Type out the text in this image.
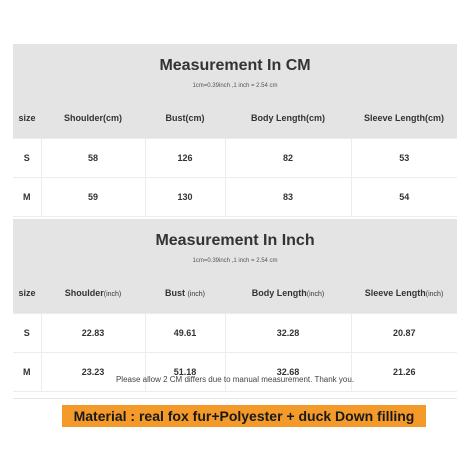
Measurement In CM
1cm=0.39inch ,1 inch = 2.54 cm				

size	Shoulder(cm)	Bust(cm)	Body Length(cm)	Sleeve Length(cm)
S	58	126	82	53
M	59	130	83	54
Measurement In Inch
1cm=0.39inch ,1 inch = 2.54 cm				

size	Shoulder(inch)	Bust (inch)	Body Length(inch)	Sleeve Length(inch)
S	22.83	49.61	32.28	20.87
M	23.23	51.18	32.68	21.26
Please allow 2 CM differs due to manual measurement. Thank you.
Material : real fox fur+Polyester + duck Down filling
